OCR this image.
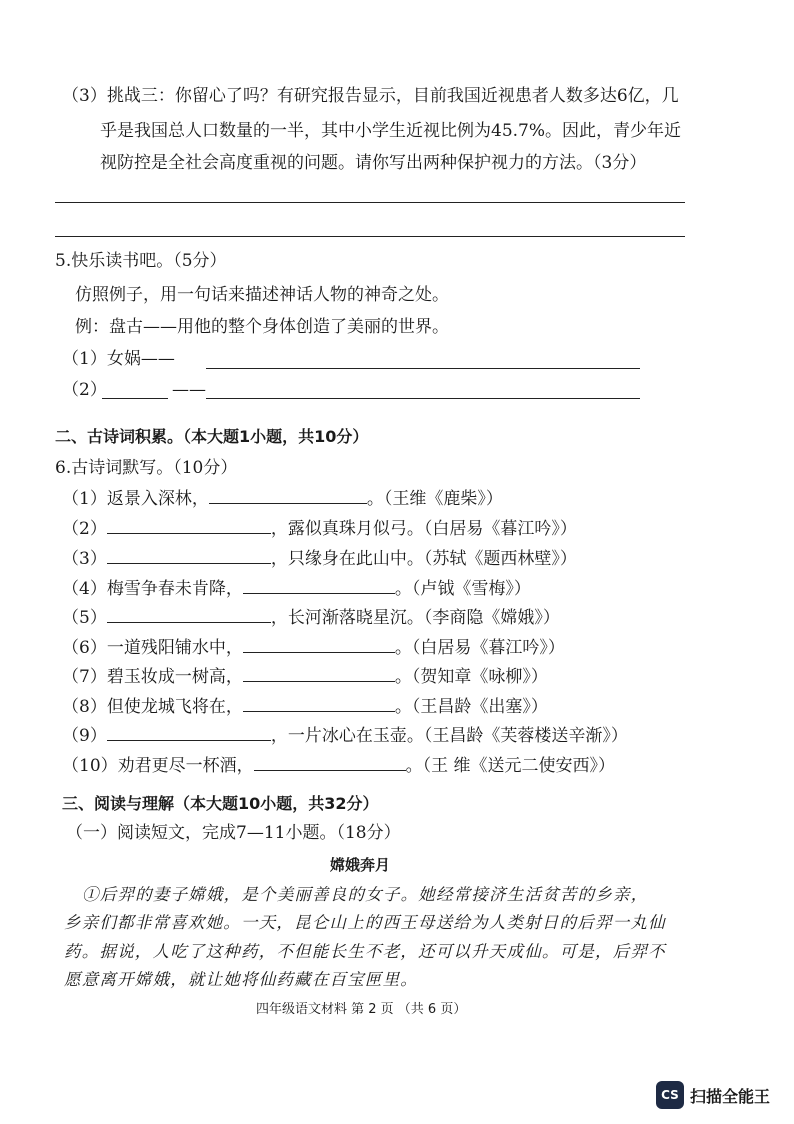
（3）挑战三：你留心了吗？有研究报告显示，目前我国近视患者人数多达6亿，几
乎是我国总人口数量的一半，其中小学生近视比例为45.7%。因此，青少年近
视防控是全社会高度重视的问题。请你写出两种保护视力的方法。（3分）
5.快乐读书吧。（5分）
仿照例子，用一句话来描述神话人物的神奇之处。
例：盘古——用他的整个身体创造了美丽的世界。
（1）女娲——
（2）	——
二、古诗词积累。（本大题1小题，共10分）
6.古诗词默写。（10分）
（1）返景入深林，	。（王维《鹿柴》）
（2）	，露似真珠月似弓。（白居易《暮江吟》）
（3）	，只缘身在此山中。（苏轼《题西林壁》）
（4）梅雪争春未肯降，	。（卢钺《雪梅》）
（5）	，长河渐落晓星沉。（李商隐《嫦娥》）
（6）一道残阳铺水中，	。（白居易《暮江吟》）
（7）碧玉妆成一树高，	。（贺知章《咏柳》）
（8）但使龙城飞将在，	。（王昌龄《出塞》）
（9）	，一片冰心在玉壶。（王昌龄《芙蓉楼送辛渐》）
（10）劝君更尽一杯酒，	。（王 维《送元二使安西》）
三、阅读与理解（本大题10小题，共32分）
（一）阅读短文，完成7—11小题。（18分）
嫦娥奔月
①后羿的妻子嫦娥，是个美丽善良的女子。她经常接济生活贫苦的乡亲，
乡亲们都非常喜欢她。一天，昆仑山上的西王母送给为人类射日的后羿一丸仙
药。据说，人吃了这种药，不但能长生不老，还可以升天成仙。可是，后羿不
愿意离开嫦娥，就让她将仙药藏在百宝匣里。
四年级语文材料 第 2 页 （共 6 页）
CS 扫描全能王
